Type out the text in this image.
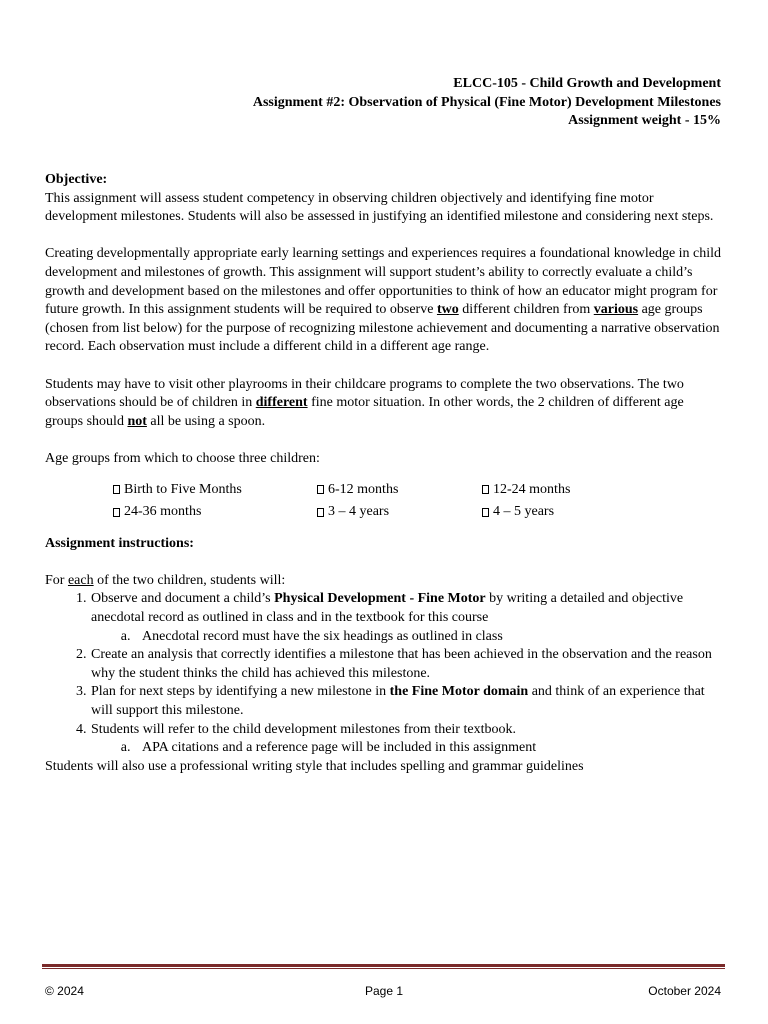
ELCC-105 - Child Growth and Development
Assignment #2: Observation of Physical (Fine Motor) Development Milestones
Assignment weight - 15%

Objective:

This assignment will assess student competency in observing children objectively and identifying fine motor development milestones. Students will also be assessed in justifying an identified milestone and considering next steps.

Creating developmentally appropriate early learning settings and experiences requires a foundational knowledge in child development and milestones of growth. This assignment will support student’s ability to correctly evaluate a child’s growth and development based on the milestones and offer opportunities to think of how an educator might program for future growth. In this assignment students will be required to observe two different children from various age groups (chosen from list below) for the purpose of recognizing milestone achievement and documenting a narrative observation record. Each observation must include a different child in a different age range.

Students may have to visit other playrooms in their childcare programs to complete the two observations. The two observations should be of children in different fine motor situation. In other words, the 2 children of different age groups should not all be using a spoon.

Age groups from which to choose three children:

Birth to Five Months	6-12 months	12-24 months
24-36 months	3 – 4 years	4 – 5 years

Assignment instructions:

For each of the two children, students will:

1. Observe and document a child’s Physical Development - Fine Motor by writing a detailed and objective anecdotal record as outlined in class and in the textbook for this course
a. Anecdotal record must have the six headings as outlined in class
2. Create an analysis that correctly identifies a milestone that has been achieved in the observation and the reason why the student thinks the child has achieved this milestone.
3. Plan for next steps by identifying a new milestone in the Fine Motor domain and think of an experience that will support this milestone.
4. Students will refer to the child development milestones from their textbook.
a. APA citations and a reference page will be included in this assignment

Students will also use a professional writing style that includes spelling and grammar guidelines

© 2024	Page 1	October 2024
